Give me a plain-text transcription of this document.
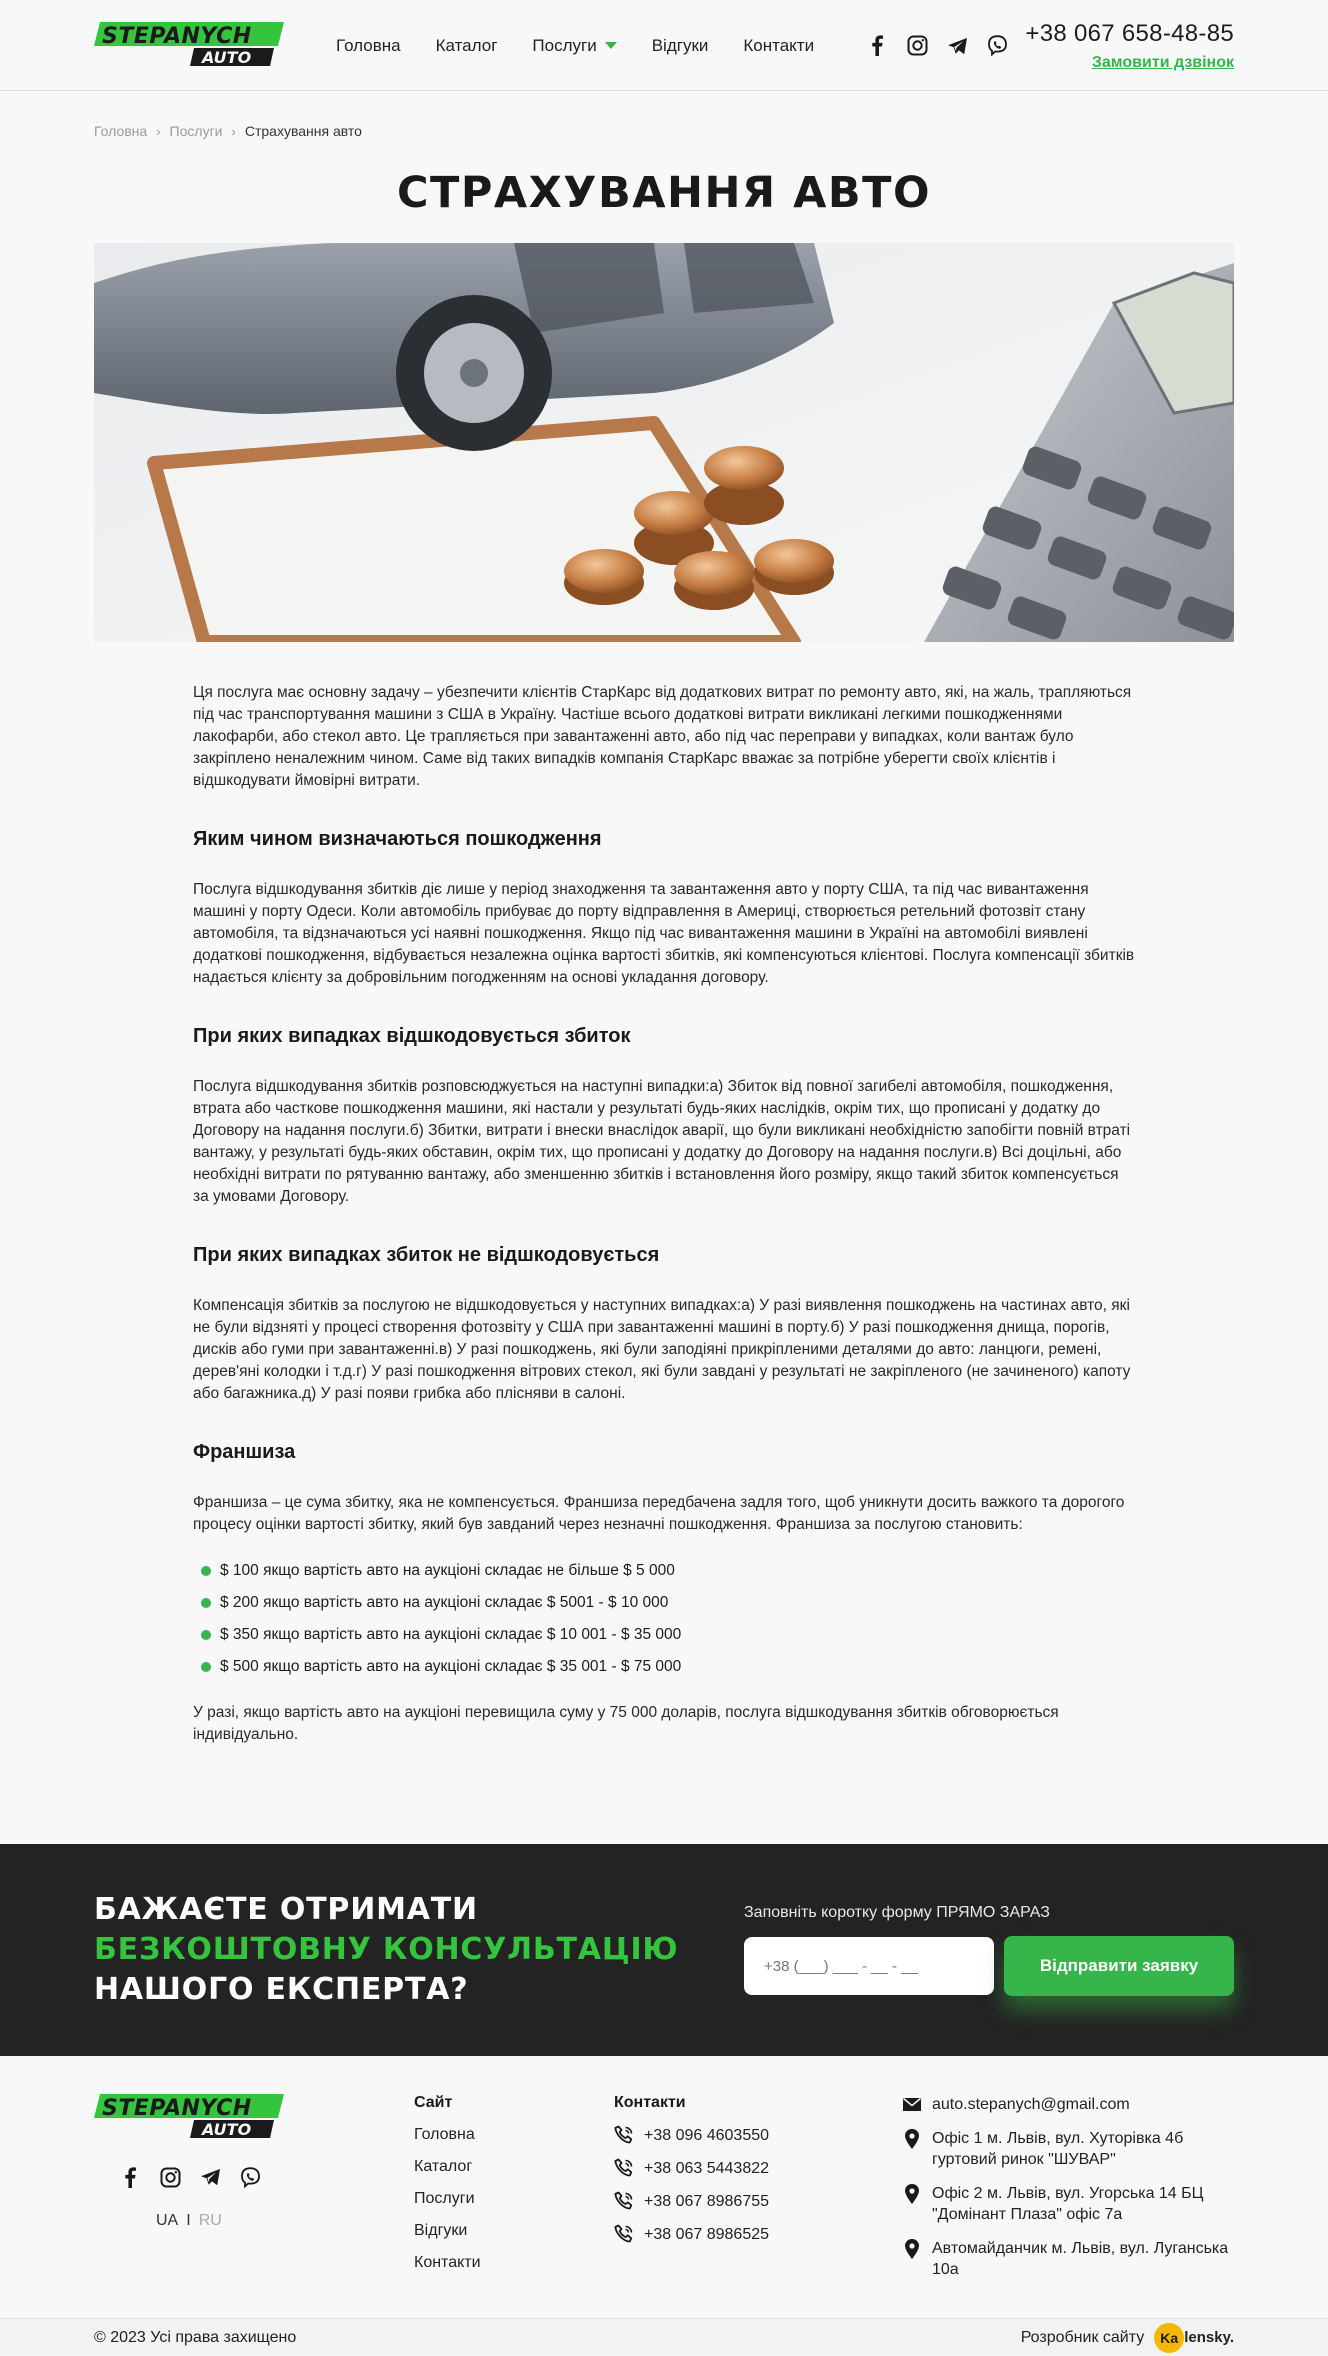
STEPANYCH
AUTO
Головна Каталог Послуги	Відгуки Контакти	+38 067 658-48-85
Замовити дзвінок
Головна › Послуги › Страхування авто
СТРАХУВАННЯ АВТО

Ця послуга має основну задачу – убезпечити клієнтів СтарКарс від додаткових витрат по ремонту авто, які, на жаль, трапляються під час транспортування машини з США в Україну. Частіше всього додаткові витрати викликані легкими пошкодженнями лакофарби, або стекол авто. Це трапляється при завантаженні авто, або під час переправи у випадках, коли вантаж було закріплено неналежним чином. Саме від таких випадків компанія СтарКарс вважає за потрібне уберегти своїх клієнтів і відшкодувати ймовірні витрати.

Яким чином визначаються пошкодження

Послуга відшкодування збитків діє лише у період знаходження та завантаження авто у порту США, та під час вивантаження машині у порту Одеси. Коли автомобіль прибуває до порту відправлення в Америці, створюється ретельний фотозвіт стану автомобіля, та відзначаються усі наявні пошкодження. Якщо під час вивантаження машини в Україні на автомобілі виявлені додаткові пошкодження, відбувається незалежна оцінка вартості збитків, які компенсуються клієнтові. Послуга компенсації збитків надається клієнту за добровільним погодженням на основі укладання договору.

При яких випадках відшкодовується збиток

Послуга відшкодування збитків розповсюджується на наступні випадки:а) Збиток від повної загибелі автомобіля, пошкодження, втрата або часткове пошкодження машини, які настали у результаті будь-яких наслідків, окрім тих, що прописані у додатку до Договору на надання послуги.б) Збитки, витрати і внески внаслідок аварії, що були викликані необхідністю запобігти повній втраті вантажу, у результаті будь-яких обставин, окрім тих, що прописані у додатку до Договору на надання послуги.в) Всі доцільні, або необхідні витрати по рятуванню вантажу, або зменшенню збитків і встановлення його розміру, якщо такий збиток компенсується за умовами Договору.

При яких випадках збиток не відшкодовується

Компенсація збитків за послугою не відшкодовується у наступних випадках:а) У разі виявлення пошкоджень на частинах авто, які не були відзняті у процесі створення фотозвіту у США при завантаженні машині в порту.б) У разі пошкодження днища, порогів, дисків або гуми при завантаженні.в) У разі пошкоджень, які були заподіяні прикріпленими деталями до авто: ланцюги, ремені, дерев'яні колодки і т.д.г) У разі пошкодження вітрових стекол, які були завдані у результаті не закріпленого (не зачиненого) капоту або багажника.д) У разі появи грибка або плісняви в салоні.

Франшиза

Франшиза – це сума збитку, яка не компенсується. Франшиза передбачена задля того, щоб уникнути досить важкого та дорогого процесу оцінки вартості збитку, який був завданий через незначні пошкодження. Франшиза за послугою становить:

$ 100 якщо вартість авто на аукціоні складає не більше $ 5 000
$ 200 якщо вартість авто на аукціоні складає $ 5001 - $ 10 000
$ 350 якщо вартість авто на аукціоні складає $ 10 001 - $ 35 000
$ 500 якщо вартість авто на аукціоні складає $ 35 001 - $ 75 000

У разі, якщо вартість авто на аукціоні перевищила суму у 75 000 доларів, послуга відшкодування збитків обговорюється індивідуально.

БАЖАЄТЕ ОТРИМАТИ
БЕЗКОШТОВНУ КОНСУЛЬТАЦІЮ
НАШОГО ЕКСПЕРТА?
Заповніть коротку форму ПРЯМО ЗАРАЗ
+38 (___) ___ - __ - __
Відправити заявку
STEPANYCH
AUTO
UA I RU
Сайт
Головна
Каталог
Послуги
Відгуки
Контакти
Контакти
+38 096 4603550
+38 063 5443822
+38 067 8986755
+38 067 8986525
auto.stepanych@gmail.com
Офіс 1 м. Львів, вул. Хуторівка 4б гуртовий ринок "ШУВАР"
Офіс 2 м. Львів, вул. Угорська 14 БЦ "Домінант Плаза" офіс 7а
Автомайданчик м. Львів, вул. Луганська 10а
© 2023 Усі права захищено	Розробник сайту	Ka lensky.
